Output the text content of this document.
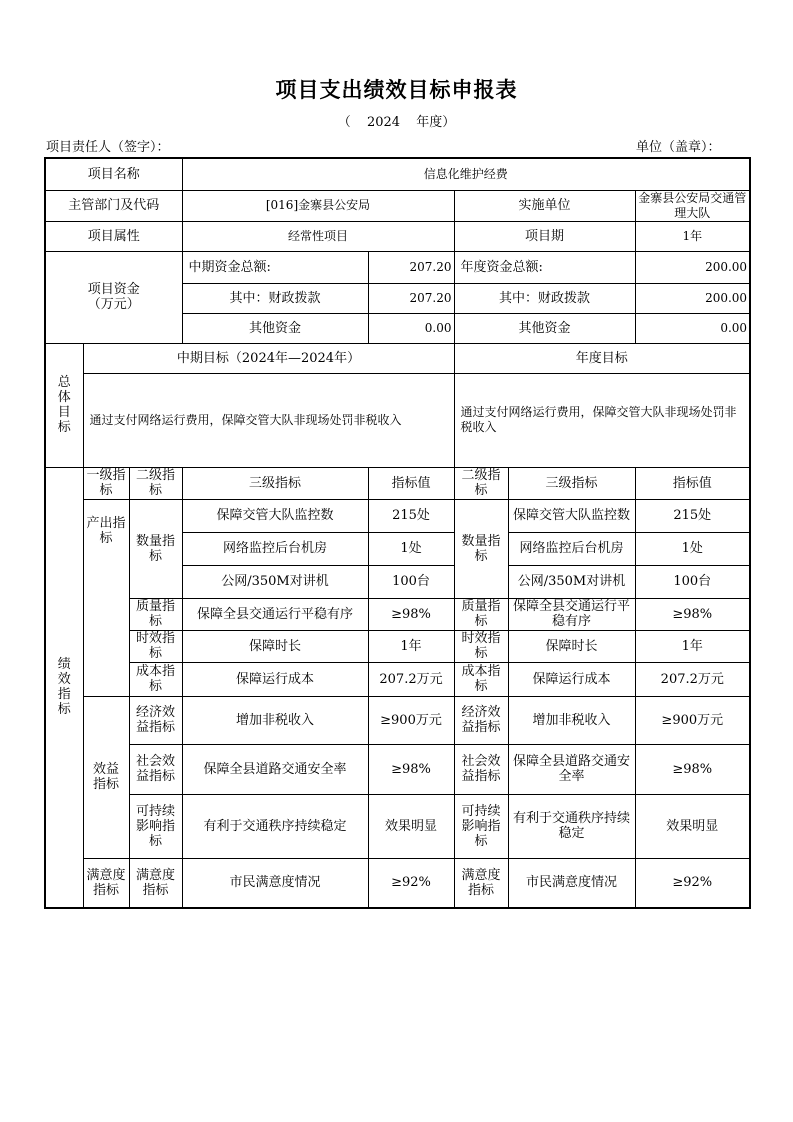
项目支出绩效目标申报表
（ 2024 年度）
项目责任人（签字）：	单位（盖章）：
项目名称			信息化维护经费				
主管部门及代码			[016]金寨县公安局		实施单位		金寨县公安局交通管理大队
项目属性			经常性项目		项目期		1年
项目资金（万元）			中期资金总额:	207.20	年度资金总额:		200.00
			其中：财政拨款	207.20	其中：财政拨款		200.00
			其他资金	0.00	其他资金		0.00
总体目标	中期目标（2024年—2024年）				年度目标		
	通过支付网络运行费用，保障交管大队非现场处罚非税收入				通过支付网络运行费用，保障交管大队非现场处罚非税收入		
绩效指标	一级指标	二级指标	三级指标	指标值	二级指标	三级指标	指标值
	产出指标	数量指标	保障交管大队监控数	215处	数量指标	保障交管大队监控数	215处
			网络监控后台机房	1处		网络监控后台机房	1处
			公网/350M对讲机	100台		公网/350M对讲机	100台
		质量指标	保障全县交通运行平稳有序	≥98%	质量指标	保障全县交通运行平稳有序	≥98%
		时效指标	保障时长	1年	时效指标	保障时长	1年
		成本指标	保障运行成本	207.2万元	成本指标	保障运行成本	207.2万元
	效益指标	经济效益指标	增加非税收入	≥900万元	经济效益指标	增加非税收入	≥900万元
		社会效益指标	保障全县道路交通安全率	≥98%	社会效益指标	保障全县道路交通安全率	≥98%
		可持续影响指标	有利于交通秩序持续稳定	效果明显	可持续影响指标	有利于交通秩序持续稳定	效果明显
	满意度指标	满意度指标	市民满意度情况	≥92%	满意度指标	市民满意度情况	≥92%
